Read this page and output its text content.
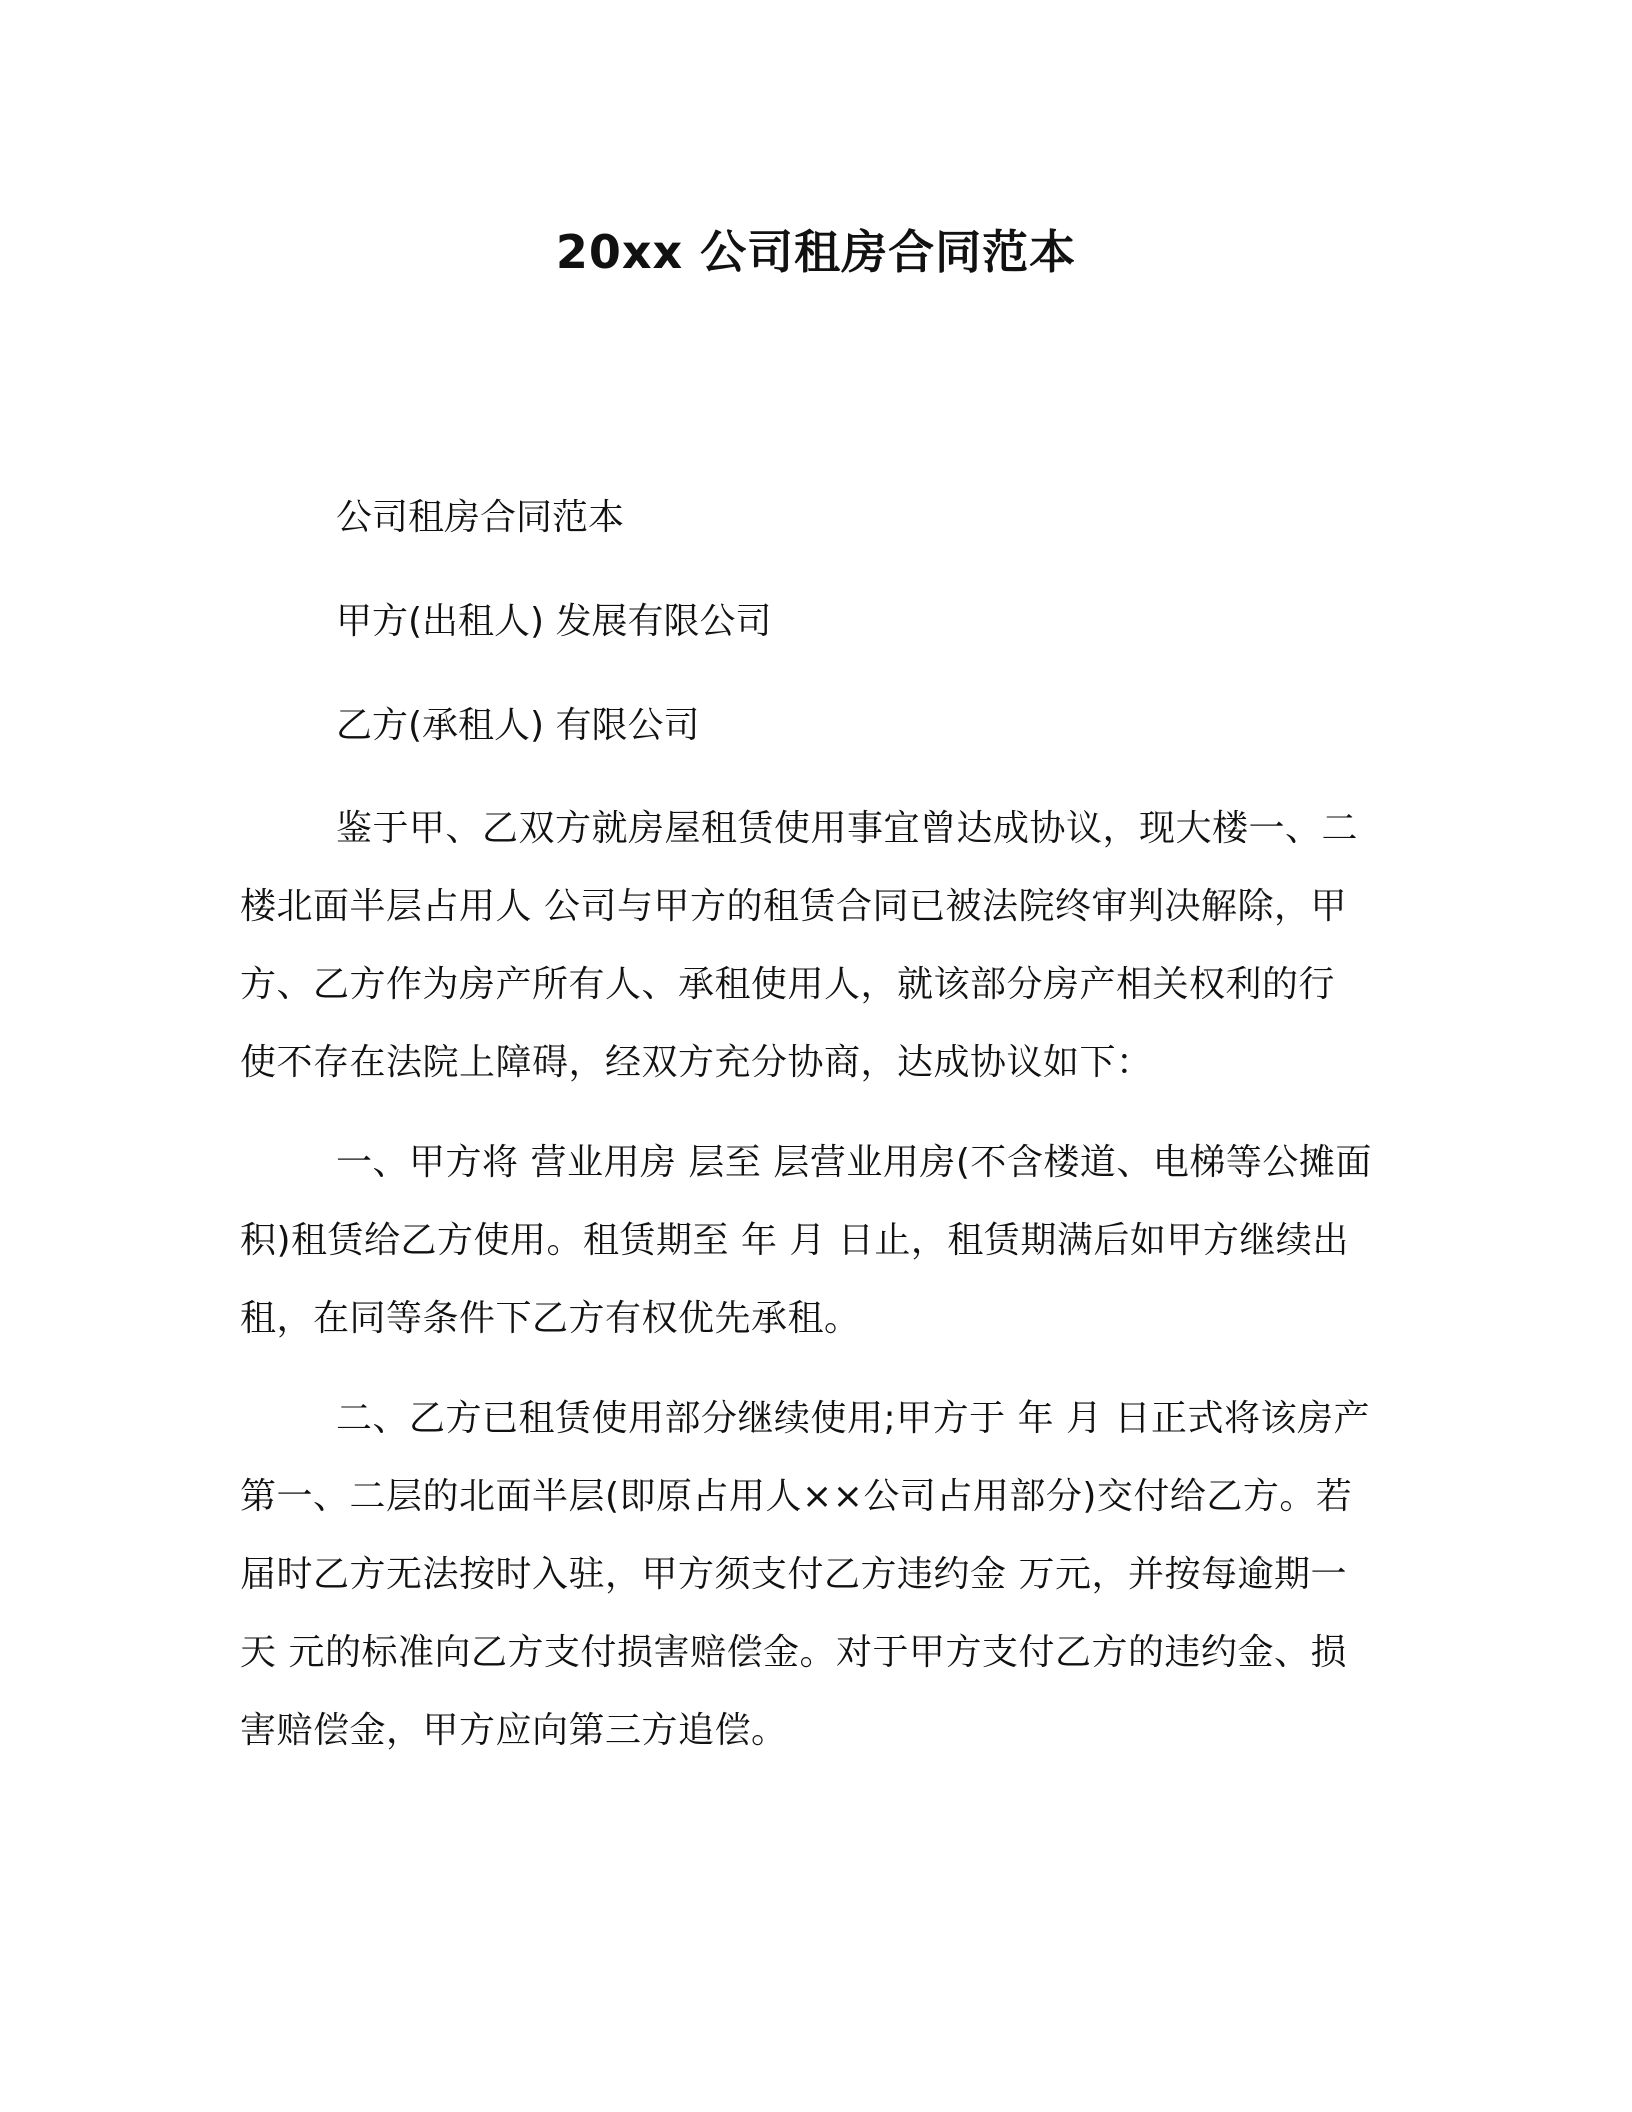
20xx 公司租房合同范本

公司租房合同范本

甲方(出租人) 发展有限公司

乙方(承租人) 有限公司

鉴于甲、乙双方就房屋租赁使用事宜曾达成协议，现大楼一、二
楼北面半层占用人 公司与甲方的租赁合同已被法院终审判决解除，甲
方、乙方作为房产所有人、承租使用人，就该部分房产相关权利的行
使不存在法院上障碍，经双方充分协商，达成协议如下：

一、甲方将 营业用房 层至 层营业用房(不含楼道、电梯等公摊面
积)租赁给乙方使用。租赁期至 年 月 日止，租赁期满后如甲方继续出
租，在同等条件下乙方有权优先承租。

二、乙方已租赁使用部分继续使用;甲方于 年 月 日正式将该房产
第一、二层的北面半层(即原占用人××公司占用部分)交付给乙方。若
届时乙方无法按时入驻，甲方须支付乙方违约金 万元，并按每逾期一
天 元的标准向乙方支付损害赔偿金。对于甲方支付乙方的违约金、损
害赔偿金，甲方应向第三方追偿。
